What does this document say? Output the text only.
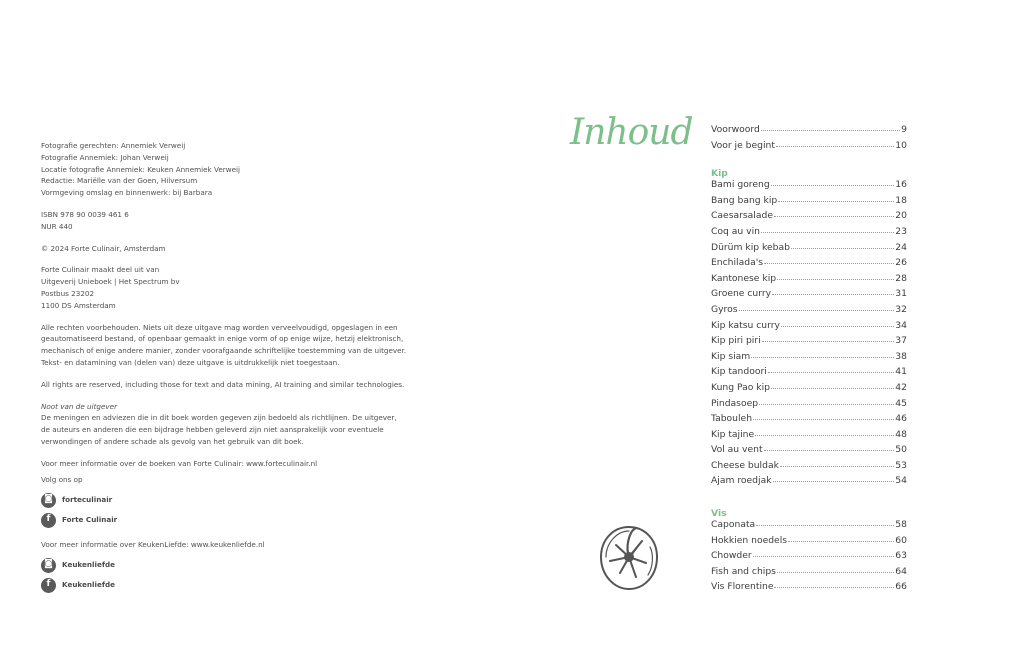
Fotografie gerechten: Annemiek Verweij

Fotografie Annemiek: Johan Verweij

Locatie fotografie Annemiek: Keuken Annemiek Verweij

Redactie: Mariëlle van der Goen, Hilversum

Vormgeving omslag en binnenwerk: bij Barbara

ISBN 978 90 0039 461 6

NUR 440

© 2024 Forte Culinair, Amsterdam

Forte Culinair maakt deel uit van

Uitgeverij Unieboek | Het Spectrum bv

Postbus 23202

1100 DS Amsterdam

Alle rechten voorbehouden. Niets uit deze uitgave mag worden verveelvoudigd, opgeslagen in een

geautomatiseerd bestand, of openbaar gemaakt in enige vorm of op enige wijze, hetzij elektronisch,

mechanisch of enige andere manier, zonder voorafgaande schriftelijke toestemming van de uitgever.

Tekst- en datamining van (delen van) deze uitgave is uitdrukkelijk niet toegestaan.

All rights are reserved, including those for text and data mining, AI training and similar technologies.

Noot van de uitgever

De meningen en adviezen die in dit boek worden gegeven zijn bedoeld als richtlijnen. De uitgever,

de auteurs en anderen die een bijdrage hebben geleverd zijn niet aansprakelijk voor eventuele

verwondingen of andere schade als gevolg van het gebruik van dit boek.

Voor meer informatie over de boeken van Forte Culinair: www.forteculinair.nl

Volg ons op

◙	forteculinair
f	Forte Culinair

Voor meer informatie over KeukenLiefde: www.keukenliefde.nl

◙	Keukenliefde
f	Keukenliefde
Inhoud Voorwoord	9
Voor je begint	10
Kip
Bami goreng	16
Bang bang kip	18
Caesarsalade	20
Coq au vin	23
Dürüm kip kebab	24
Enchilada's	26
Kantonese kip	28
Groene curry	31
Gyros	32
Kip katsu curry	34
Kip piri piri	37
Kip siam	38
Kip tandoori	41
Kung Pao kip	42
Pindasoep	45
Tabouleh	46
Kip tajine	48
Vol au vent	50
Cheese buldak	53
Ajam roedjak	54
Vis
Caponata	58
Hokkien noedels	60
Chowder	63
Fish and chips	64
Vis Florentine	66
